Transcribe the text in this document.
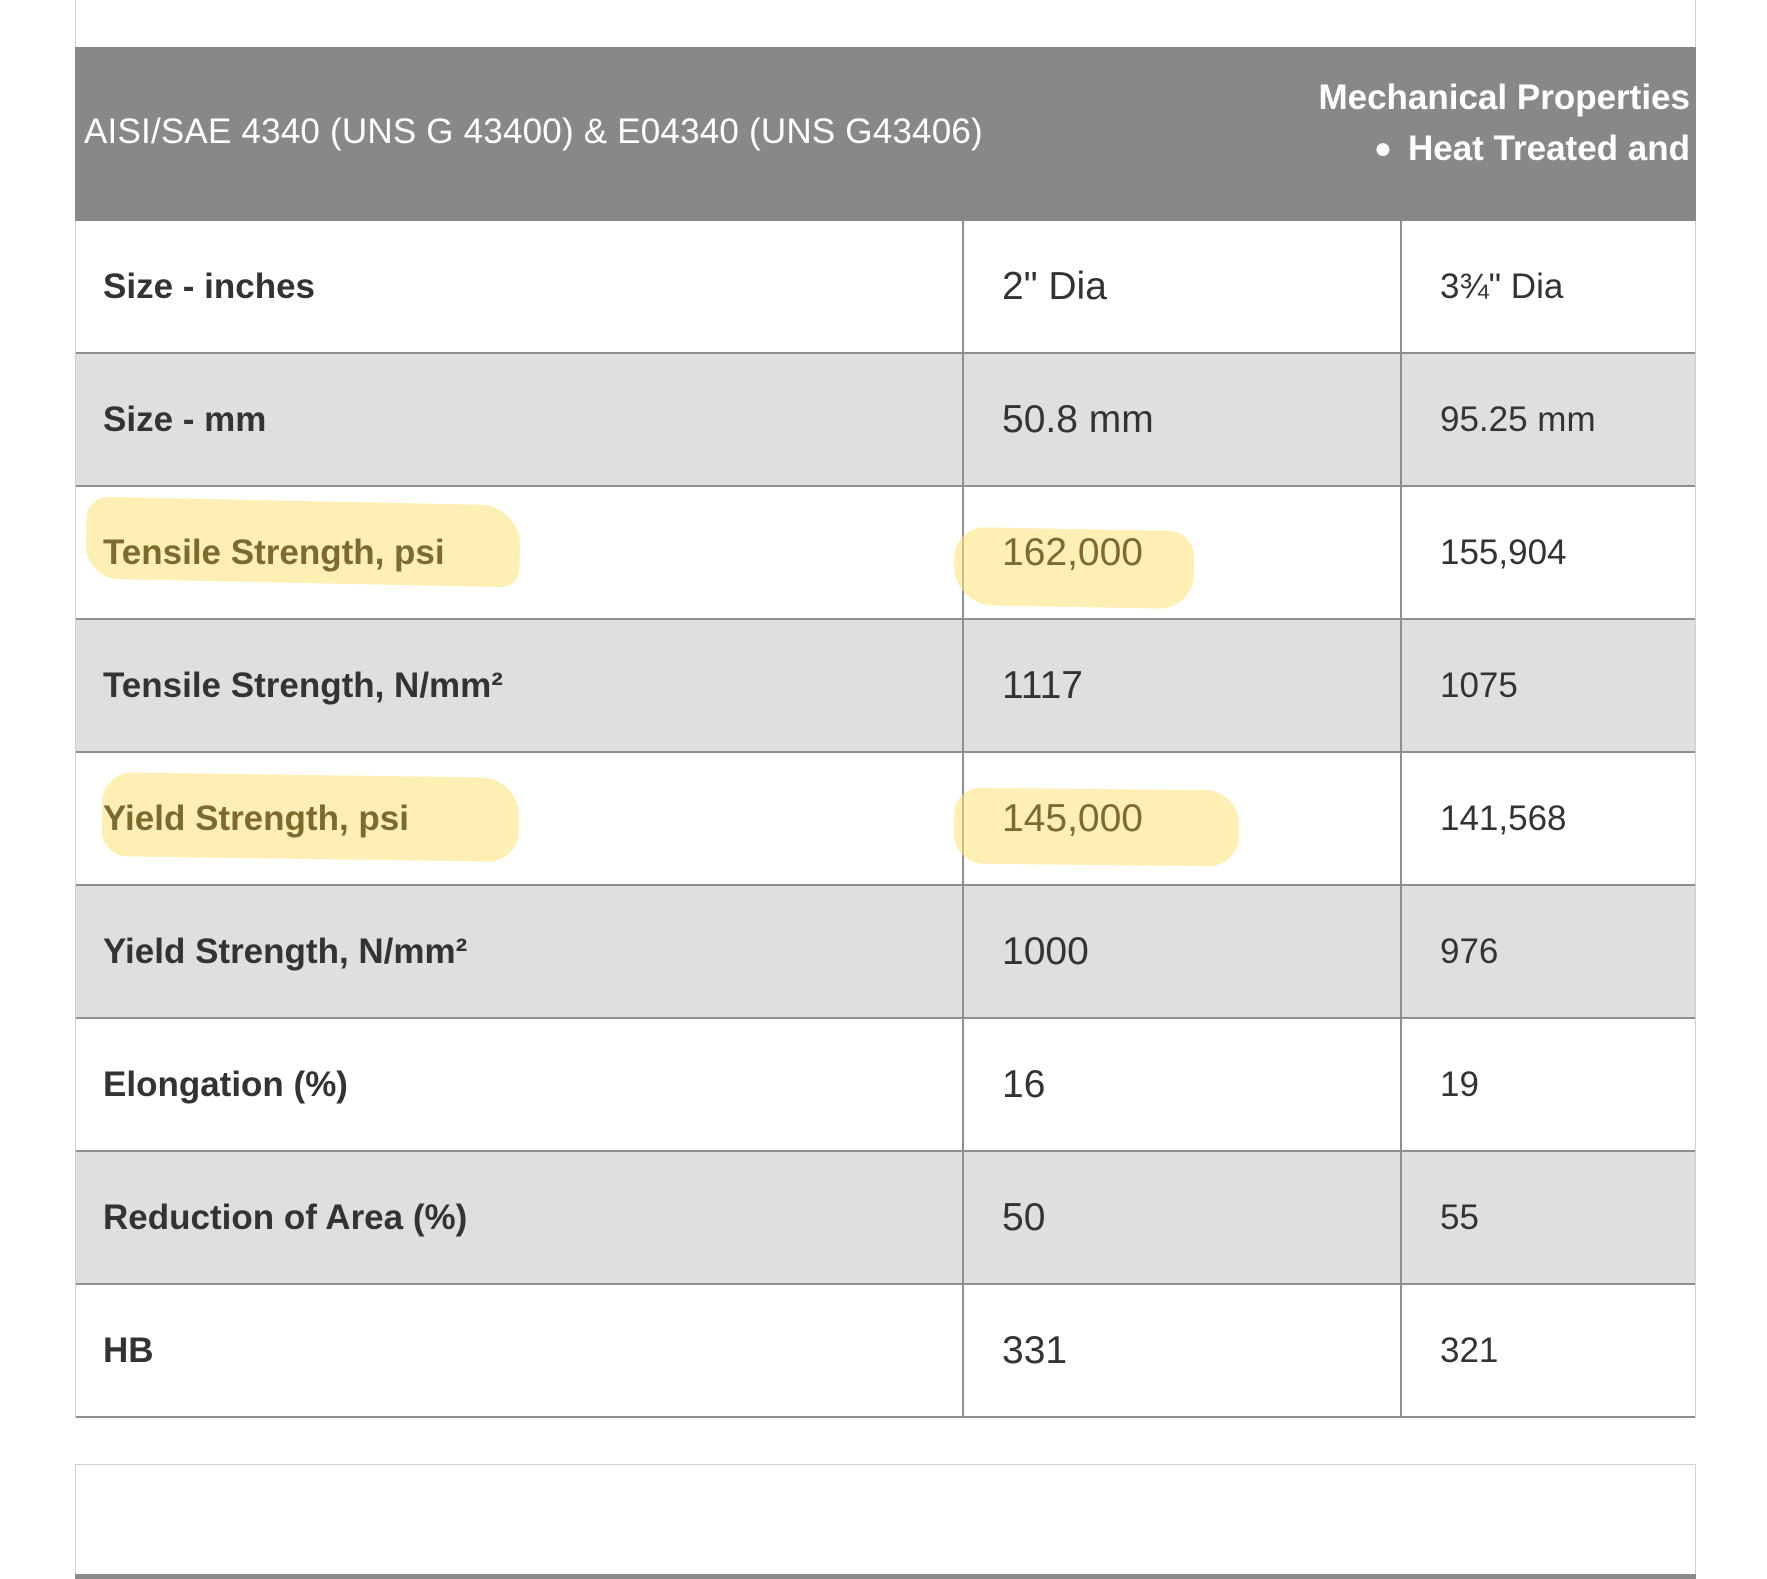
AISI/SAE 4340 (UNS G 43400) & E04340 (UNS G43406)
Mechanical Properties
● Heat Treated and
Size - inches	2" Dia	3¾" Dia
Size - mm	50.8 mm	95.25 mm
Tensile Strength, psi	162,000	155,904
Tensile Strength, N/mm²	1117	1075
Yield Strength, psi	145,000	141,568
Yield Strength, N/mm²	1000	976
Elongation (%)	16	19
Reduction of Area (%)	50	55
HB	331	321
